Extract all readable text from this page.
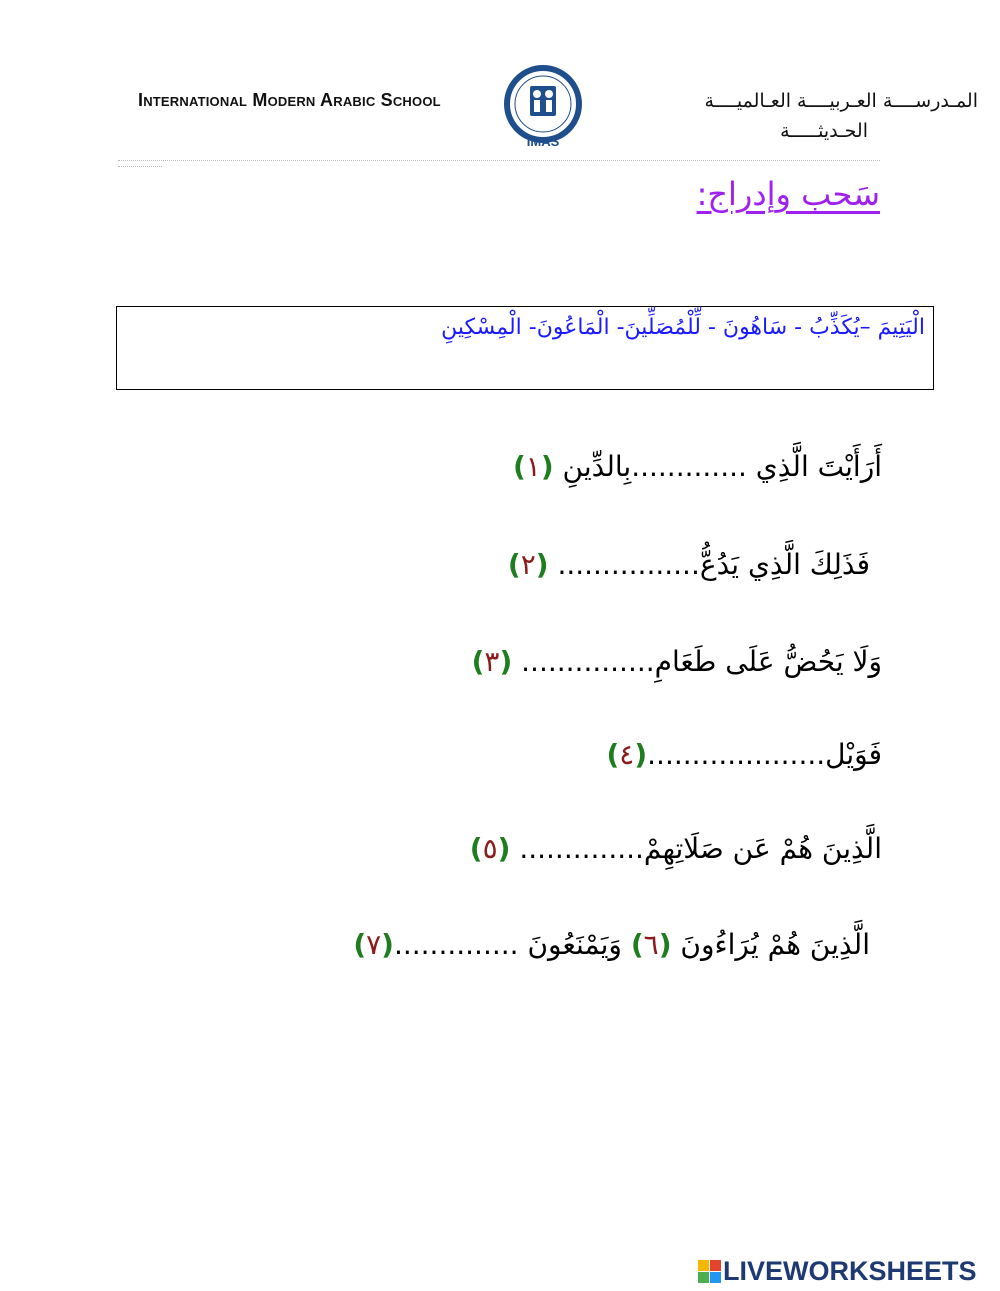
International Modern Arabic School
IMAS
المـدرســــة العـربيــــة العـالميــــة
الحـديثـــــة
سَحب وإدراج:
الْيَتِيمَ –يُكَذِّبُ - سَاهُونَ - لِّلْمُصَلِّينَ- الْمَاعُونَ- الْمِسْكِينِ
أَرَأَيْتَ الَّذِي .............بِالدِّينِ (١)
فَذَلِكَ الَّذِي يَدُعُّ................ (٢)
وَلَا يَحُضُّ عَلَى طَعَامِ............... (٣)
فَوَيْل....................(٤)
الَّذِينَ هُمْ عَن صَلَاتِهِمْ.............. (٥)
الَّذِينَ هُمْ يُرَاءُونَ (٦) وَيَمْنَعُونَ ..............(٧)
LIVEWORKSHEETS
